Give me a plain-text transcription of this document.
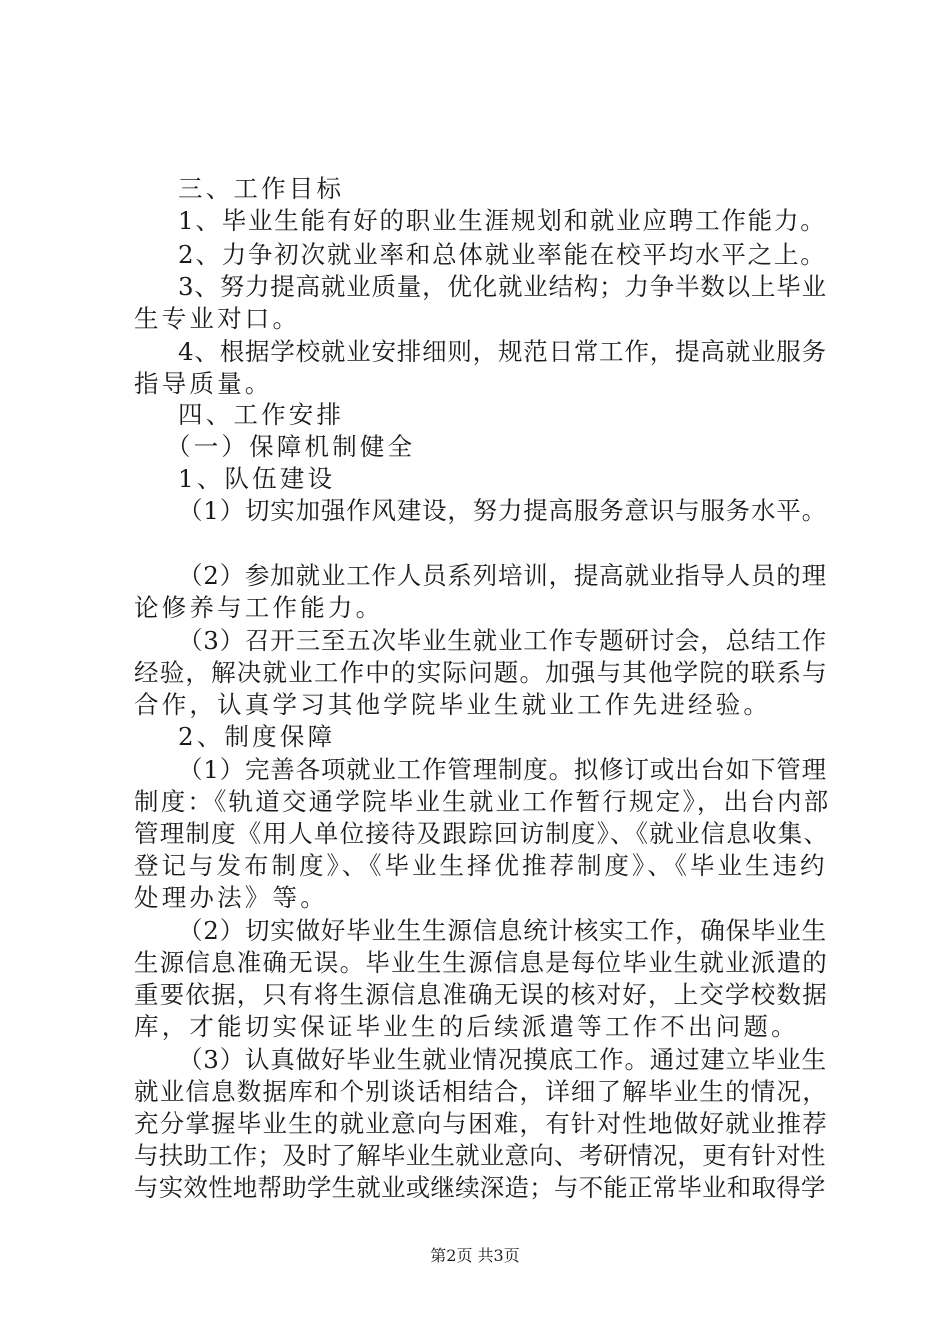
三、工作目标
1、毕业生能有好的职业生涯规划和就业应聘工作能力。
2、力争初次就业率和总体就业率能在校平均水平之上。
3、努力提高就业质量，优化就业结构；力争半数以上毕业
生专业对口。
4、根据学校就业安排细则，规范日常工作，提高就业服务
指导质量。
四、工作安排
（一）保障机制健全
1、队伍建设
（1）切实加强作风建设，努力提高服务意识与服务水平。
（2）参加就业工作人员系列培训，提高就业指导人员的理
论修养与工作能力。
（3）召开三至五次毕业生就业工作专题研讨会，总结工作
经验，解决就业工作中的实际问题。加强与其他学院的联系与
合作，认真学习其他学院毕业生就业工作先进经验。
2、制度保障
（1）完善各项就业工作管理制度。拟修订或出台如下管理
制度：《轨道交通学院毕业生就业工作暂行规定》，出台内部
管理制度《用人单位接待及跟踪回访制度》、《就业信息收集、
登记与发布制度》、《毕业生择优推荐制度》、《毕业生违约
处理办法》等。
（2）切实做好毕业生生源信息统计核实工作，确保毕业生
生源信息准确无误。毕业生生源信息是每位毕业生就业派遣的
重要依据，只有将生源信息准确无误的核对好，上交学校数据
库，才能切实保证毕业生的后续派遣等工作不出问题。
（3）认真做好毕业生就业情况摸底工作。通过建立毕业生
就业信息数据库和个别谈话相结合，详细了解毕业生的情况，
充分掌握毕业生的就业意向与困难，有针对性地做好就业推荐
与扶助工作；及时了解毕业生就业意向、考研情况，更有针对性
与实效性地帮助学生就业或继续深造；与不能正常毕业和取得学
第2页 共3页
